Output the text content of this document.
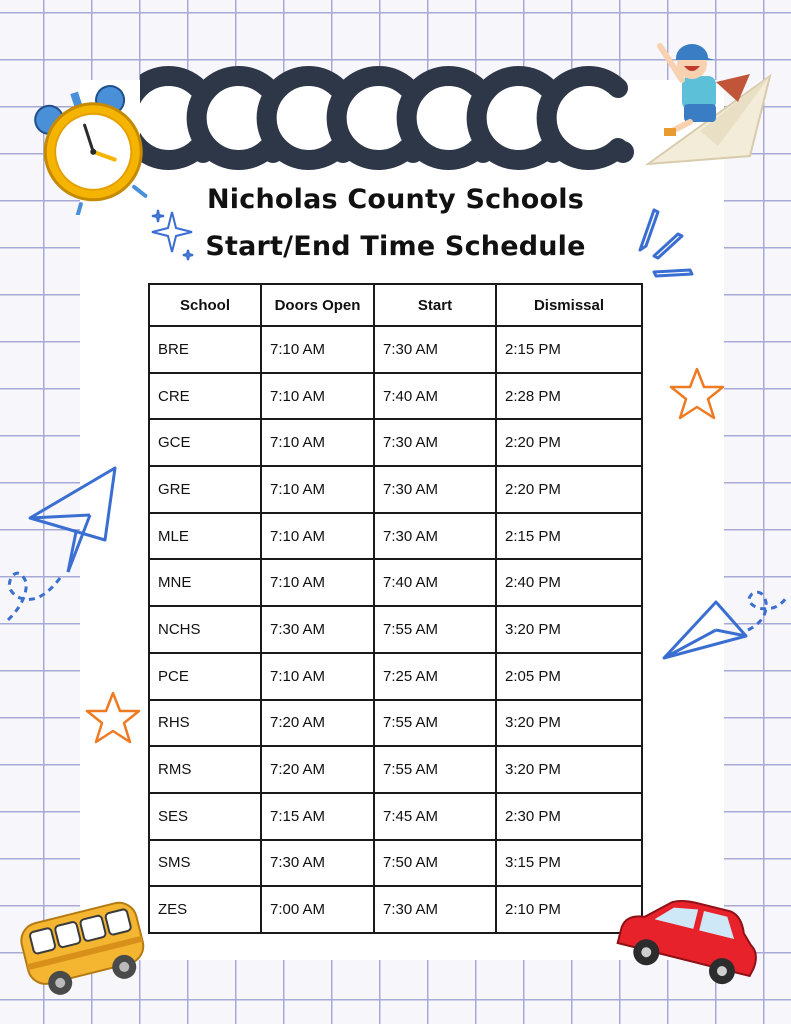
Nicholas County Schools
Start/End Time Schedule
School	Doors Open	Start	Dismissal
BRE	7:10 AM	7:30 AM	2:15 PM
CRE	7:10 AM	7:40 AM	2:28 PM
GCE	7:10 AM	7:30 AM	2:20 PM
GRE	7:10 AM	7:30 AM	2:20 PM
MLE	7:10 AM	7:30 AM	2:15 PM
MNE	7:10 AM	7:40 AM	2:40 PM
NCHS	7:30 AM	7:55 AM	3:20 PM
PCE	7:10 AM	7:25 AM	2:05 PM
RHS	7:20 AM	7:55 AM	3:20 PM
RMS	7:20 AM	7:55 AM	3:20 PM
SES	7:15 AM	7:45 AM	2:30 PM
SMS	7:30 AM	7:50 AM	3:15 PM
ZES	7:00 AM	7:30 AM	2:10 PM
